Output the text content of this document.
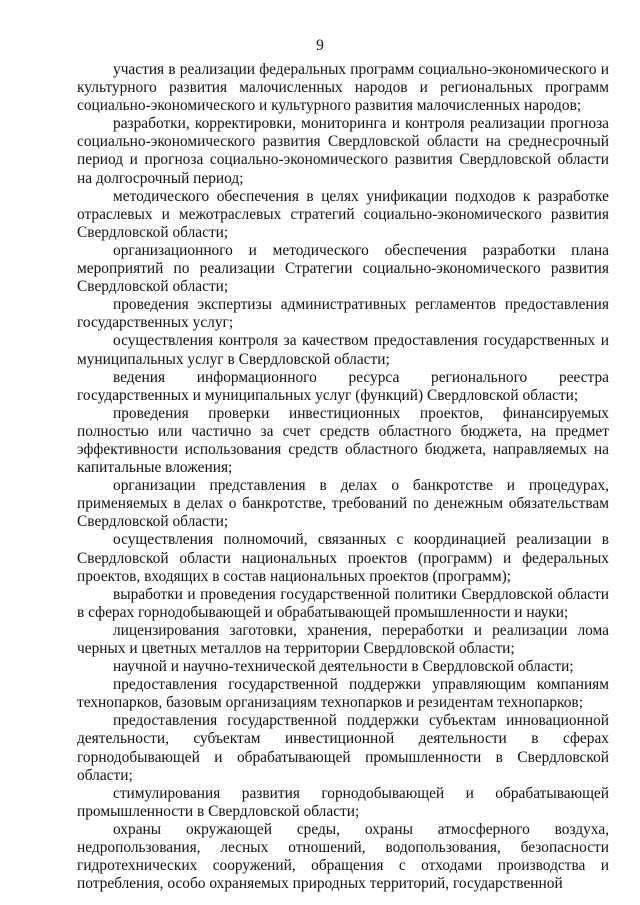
9

участия в реализации федеральных программ социально-экономического и культурного развития малочисленных народов и региональных программ социально-экономического и культурного развития малочисленных народов;

разработки, корректировки, мониторинга и контроля реализации прогноза социально-экономического развития Свердловской области на среднесрочный период и прогноза социально-экономического развития Свердловской области на долгосрочный период;

методического обеспечения в целях унификации подходов к разработке отраслевых и межотраслевых стратегий социально-экономического развития Свердловской области;

организационного и методического обеспечения разработки плана мероприятий по реализации Стратегии социально-экономического развития Свердловской области;

проведения экспертизы административных регламентов предоставления государственных услуг;

осуществления контроля за качеством предоставления государственных и муниципальных услуг в Свердловской области;

ведения информационного ресурса регионального реестра государственных и муниципальных услуг (функций) Свердловской области;

проведения проверки инвестиционных проектов, финансируемых полностью или частично за счет средств областного бюджета, на предмет эффективности использования средств областного бюджета, направляемых на капитальные вложения;

организации представления в делах о банкротстве и процедурах, применяемых в делах о банкротстве, требований по денежным обязательствам Свердловской области;

осуществления полномочий, связанных с координацией реализации в Свердловской области национальных проектов (программ) и федеральных проектов, входящих в состав национальных проектов (программ);

выработки и проведения государственной политики Свердловской области в сферах горнодобывающей и обрабатывающей промышленности и науки;

лицензирования заготовки, хранения, переработки и реализации лома черных и цветных металлов на территории Свердловской области;

научной и научно-технической деятельности в Свердловской области;

предоставления государственной поддержки управляющим компаниям технопарков, базовым организациям технопарков и резидентам технопарков;

предоставления государственной поддержки субъектам инновационной деятельности, субъектам инвестиционной деятельности в сферах горнодобывающей и обрабатывающей промышленности в Свердловской области;

стимулирования развития горнодобывающей и обрабатывающей промышленности в Свердловской области;

охраны окружающей среды, охраны атмосферного воздуха, недропользования, лесных отношений, водопользования, безопасности гидротехнических сооружений, обращения с отходами производства и потребления, особо охраняемых природных территорий, государственной
